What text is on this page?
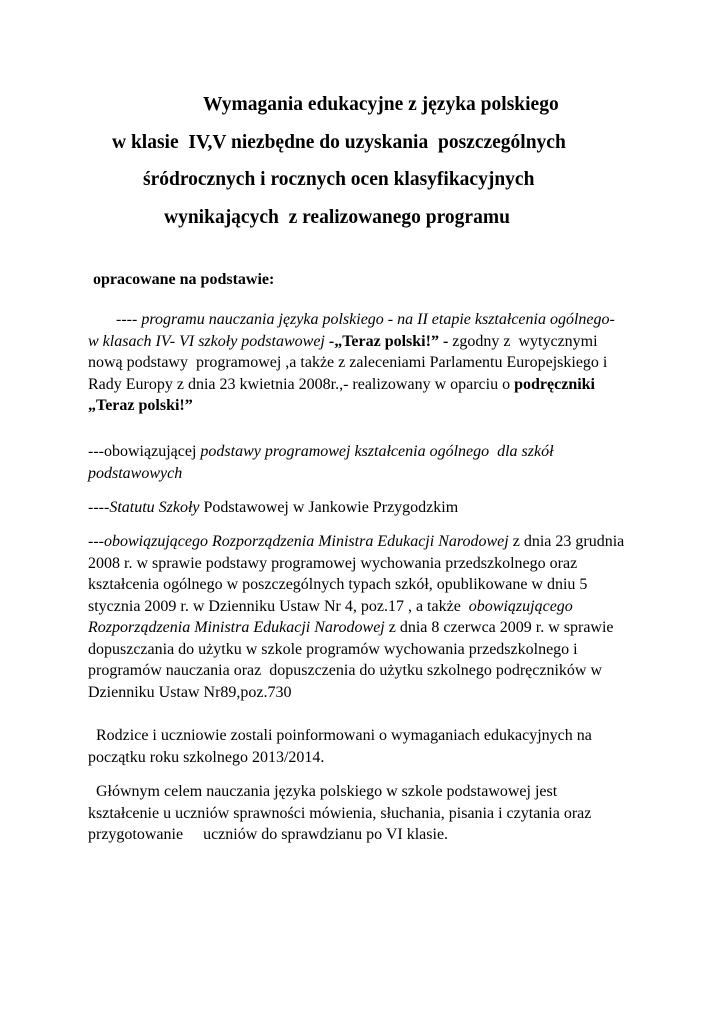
Wymagania edukacyjne z języka polskiego
w klasie  IV,V niezbędne do uzyskania  poszczególnych
śródrocznych i rocznych ocen klasyfikacyjnych
wynikających  z realizowanego programu
opracowane na podstawie:
---- programu nauczania języka polskiego - na II etapie kształcenia ogólnego-
w klasach IV- VI szkoły podstawowej -„Teraz polski!” - zgodny z  wytycznymi
nową podstawy  programowej ,a także z zaleceniami Parlamentu Europejskiego i
Rady Europy z dnia 23 kwietnia 2008r.,- realizowany w oparciu o podręczniki
„Teraz polski!”
---obowiązującej podstawy programowej kształcenia ogólnego  dla szkół
podstawowych
----Statutu Szkoły Podstawowej w Jankowie Przygodzkim
---obowiązującego Rozporządzenia Ministra Edukacji Narodowej z dnia 23 grudnia
2008 r. w sprawie podstawy programowej wychowania przedszkolnego oraz
kształcenia ogólnego w poszczególnych typach szkół, opublikowane w dniu 5
stycznia 2009 r. w Dzienniku Ustaw Nr 4, poz.17 , a także  obowiązującego
Rozporządzenia Ministra Edukacji Narodowej z dnia 8 czerwca 2009 r. w sprawie
dopuszczania do użytku w szkole programów wychowania przedszkolnego i
programów nauczania oraz  dopuszczenia do użytku szkolnego podręczników w
Dzienniku Ustaw Nr89,poz.730
Rodzice i uczniowie zostali poinformowani o wymaganiach edukacyjnych na
początku roku szkolnego 2013/2014.
Głównym celem nauczania języka polskiego w szkole podstawowej jest
kształcenie u uczniów sprawności mówienia, słuchania, pisania i czytania oraz
przygotowanie     uczniów do sprawdzianu po VI klasie.
